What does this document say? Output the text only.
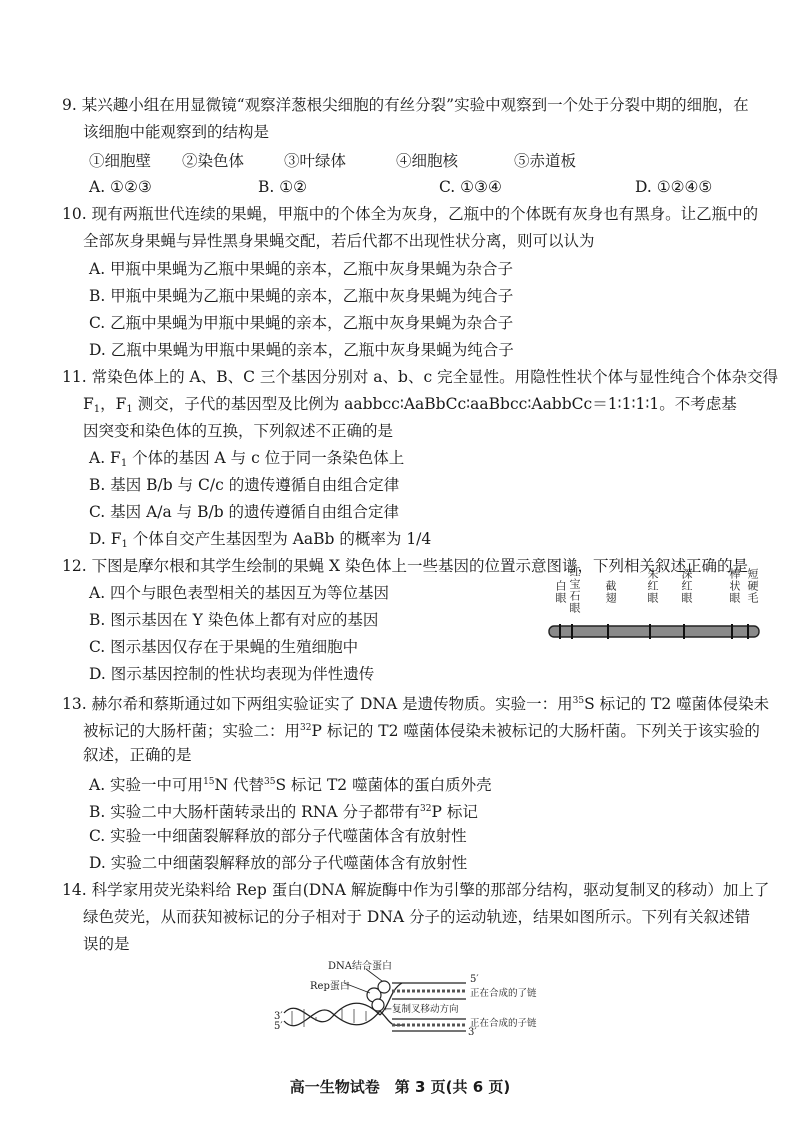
9. 某兴趣小组在用显微镜“观察洋葱根尖细胞的有丝分裂”实验中观察到一个处于分裂中期的细胞，在
该细胞中能观察到的结构是
①细胞壁 ②染色体	③叶绿体	④细胞核	⑤赤道板
A. ①②③	B. ①②	C. ①③④	D. ①②④⑤
10. 现有两瓶世代连续的果蝇，甲瓶中的个体全为灰身，乙瓶中的个体既有灰身也有黑身。让乙瓶中的
全部灰身果蝇与异性黑身果蝇交配，若后代都不出现性状分离，则可以认为
A. 甲瓶中果蝇为乙瓶中果蝇的亲本，乙瓶中灰身果蝇为杂合子
B. 甲瓶中果蝇为乙瓶中果蝇的亲本，乙瓶中灰身果蝇为纯合子
C. 乙瓶中果蝇为甲瓶中果蝇的亲本，乙瓶中灰身果蝇为杂合子
D. 乙瓶中果蝇为甲瓶中果蝇的亲本，乙瓶中灰身果蝇为纯合子
11. 常染色体上的 A、B、C 三个基因分别对 a、b、c 完全显性。用隐性性状个体与显性纯合个体杂交得
$F_1$，$F_1$ 测交，子代的基因型及比例为 aabbcc∶AaBbCc∶aaBbcc∶AabbCc＝1∶1∶1∶1。不考虑基
因突变和染色体的互换，下列叙述不正确的是
A. $F_1$ 个体的基因 A 与 c 位于同一条染色体上
B. 基因 B/b 与 C/c 的遗传遵循自由组合定律
C. 基因 A/a 与 B/b 的遗传遵循自由组合定律
D. $F_1$ 个体自交产生基因型为 AaBb 的概率为 1/4
12. 下图是摩尔根和其学生绘制的果蝇 X 染色体上一些基因的位置示意图谱，下列相关叙述正确的是
A. 四个与眼色表型相关的基因互为等位基因
B. 图示基因在 Y 染色体上都有对应的基因
C. 图示基因仅存在于果蝇的生殖细胞中
D. 图示基因控制的性状均表现为伴性遗传
白眼 红宝石眼 截翅	朱红眼 深红眼	棒状眼 短硬毛
13. 赫尔希和蔡斯通过如下两组实验证实了 DNA 是遗传物质。实验一：用$^{35}$S 标记的 T2 噬菌体侵染未
被标记的大肠杆菌；实验二：用$^{32}$P 标记的 T2 噬菌体侵染未被标记的大肠杆菌。下列关于该实验的
叙述，正确的是
A. 实验一中可用$^{15}$N 代替$^{35}$S 标记 T2 噬菌体的蛋白质外壳
B. 实验二中大肠杆菌转录出的 RNA 分子都带有$^{32}$P 标记
C. 实验一中细菌裂解释放的部分子代噬菌体含有放射性
D. 实验二中细菌裂解释放的部分子代噬菌体含有放射性
14. 科学家用荧光染料给 Rep 蛋白(DNA 解旋酶中作为引擎的那部分结构，驱动复制叉的移动）加上了
绿色荧光，从而获知被标记的分子相对于 DNA 分子的运动轨迹，结果如图所示。下列有关叙述错
误的是
DNA结合蛋白
Rep蛋白
5′
正在合成的了链
←复制叉移动方向
正在合成的子链
3′
5′
3′
高一生物试卷　第 3 页(共 6 页)
